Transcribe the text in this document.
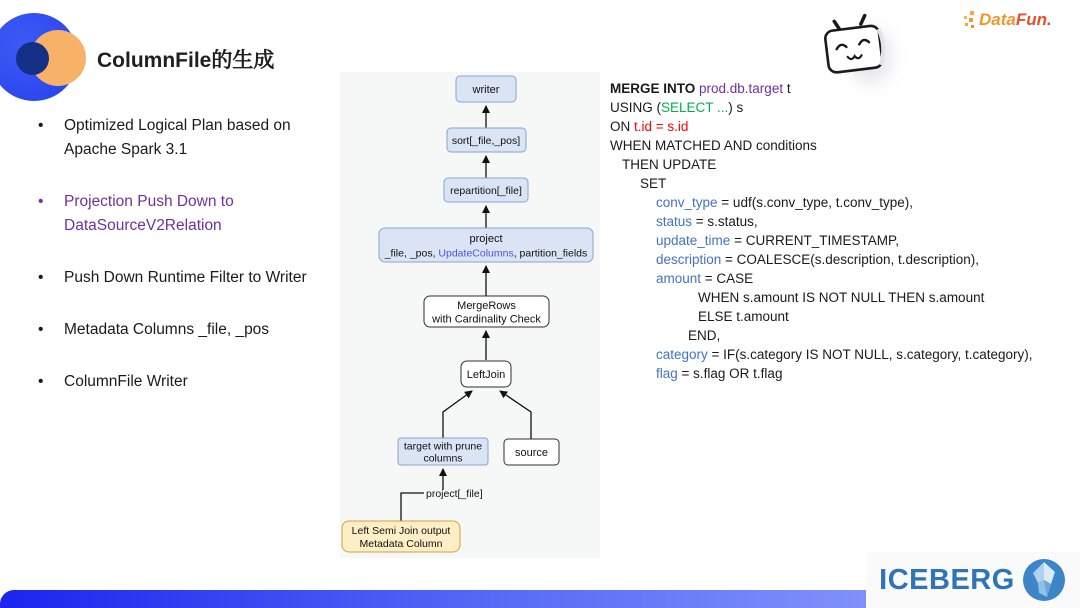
ColumnFile的生成
•	Optimized Logical Plan based on Apache Spark 3.1
•	Projection Push Down to DataSourceV2Relation
•	Push Down Runtime Filter to Writer
•	Metadata Columns _file, _pos
•	ColumnFile Writer
writer
sort[_file,_pos]
repartition[_file]
project
_file, _pos, UpdateColumns, partition_fields
MergeRows
with Cardinality Check
LeftJoin
target with prune
columns	source
project[_file]
Left Semi Join output
Metadata Column
MERGE INTO prod.db.target t
USING (SELECT ...) s
ON t.id = s.id
WHEN MATCHED AND conditions
THEN UPDATE
SET
conv_type = udf(s.conv_type, t.conv_type),
status = s.status,
update_time = CURRENT_TIMESTAMP,
description = COALESCE(s.description, t.description),
amount = CASE
WHEN s.amount IS NOT NULL THEN s.amount
ELSE t.amount
END,
category = IF(s.category IS NOT NULL, s.category, t.category),
flag = s.flag OR t.flag
Data Fun.
ICEBERG
